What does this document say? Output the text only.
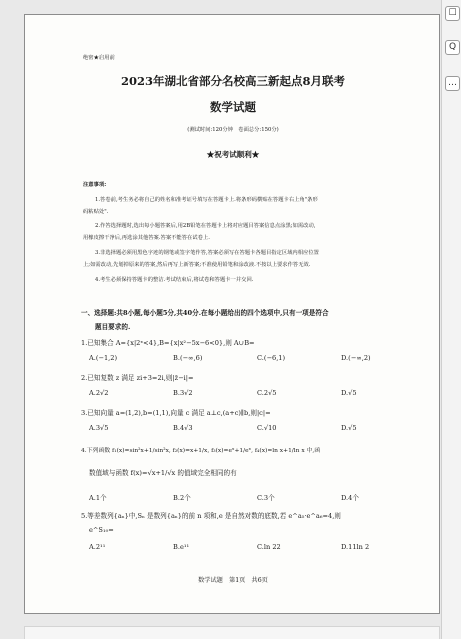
☐
Q
…
绝密★启用前
2023年湖北省部分名校高三新起点8月联考
数学试题
(测试时间:120分钟　卷面总分:150分)
★祝考试顺利★
注意事项:
1.答卷前,考生务必将自己的姓名和准考证号填写在答题卡上.将条形码横贴在答题卡右上角"条形
码粘贴处".
2.作答选择题时,选出每小题答案后,用2B铅笔在答题卡上将对应题目答案信息点涂黑;如需改动,
用橡皮擦干净后,再选涂其他答案.答案不能答在试卷上.
3.非选择题必须用黑色字迹的钢笔或签字笔作答,答案必须写在答题卡各题目指定区域内相应位置
上;如需改动,先划掉原来的答案,然后再写上新答案;不准使用铅笔和涂改液.不按以上要求作答无效.
4.考生必须保持答题卡的整洁.考试结束后,将试卷和答题卡一并交回.
一、选择题:共8小题,每小题5分,共40分.在每小题给出的四个选项中,只有一项是符合
题目要求的.
1.已知集合 A={x|2ˣ<4},B={x|x²−5x−6<0},则 A∪B=
A.(−1,2)	B.(−∞,6)	C.(−6,1)	D.(−∞,2)
2.已知复数 z 满足 zi+3=2i,则|z̄−i|=
A.2√2	B.3√2	C.2√5	D.√5
3.已知向量 a=(1,2),b=(1,1),向量 c 满足 a⊥c,(a+c)∥b,则|c|=
A.3√5	B.4√3	C.√10	D.√5
4.下列函数 f₁(x)=sin²x+1/sin²x, f₂(x)=x+1/x, f₃(x)=eˣ+1/eˣ, f₄(x)=ln x+1/ln x 中,函
数值域与函数 f(x)=√x+1/√x 的值域完全相同的有
A.1个	B.2个	C.3个	D.4个
5.等差数列{aₙ}中,Sₙ 是数列{aₙ}的前 n 项和,e 是自然对数的底数,若 e^a₅·e^a₆=4,则
e^S₁₀=
A.2¹¹	B.e¹¹	C.ln 22	D.11ln 2
数学试题　第1页　共6页
